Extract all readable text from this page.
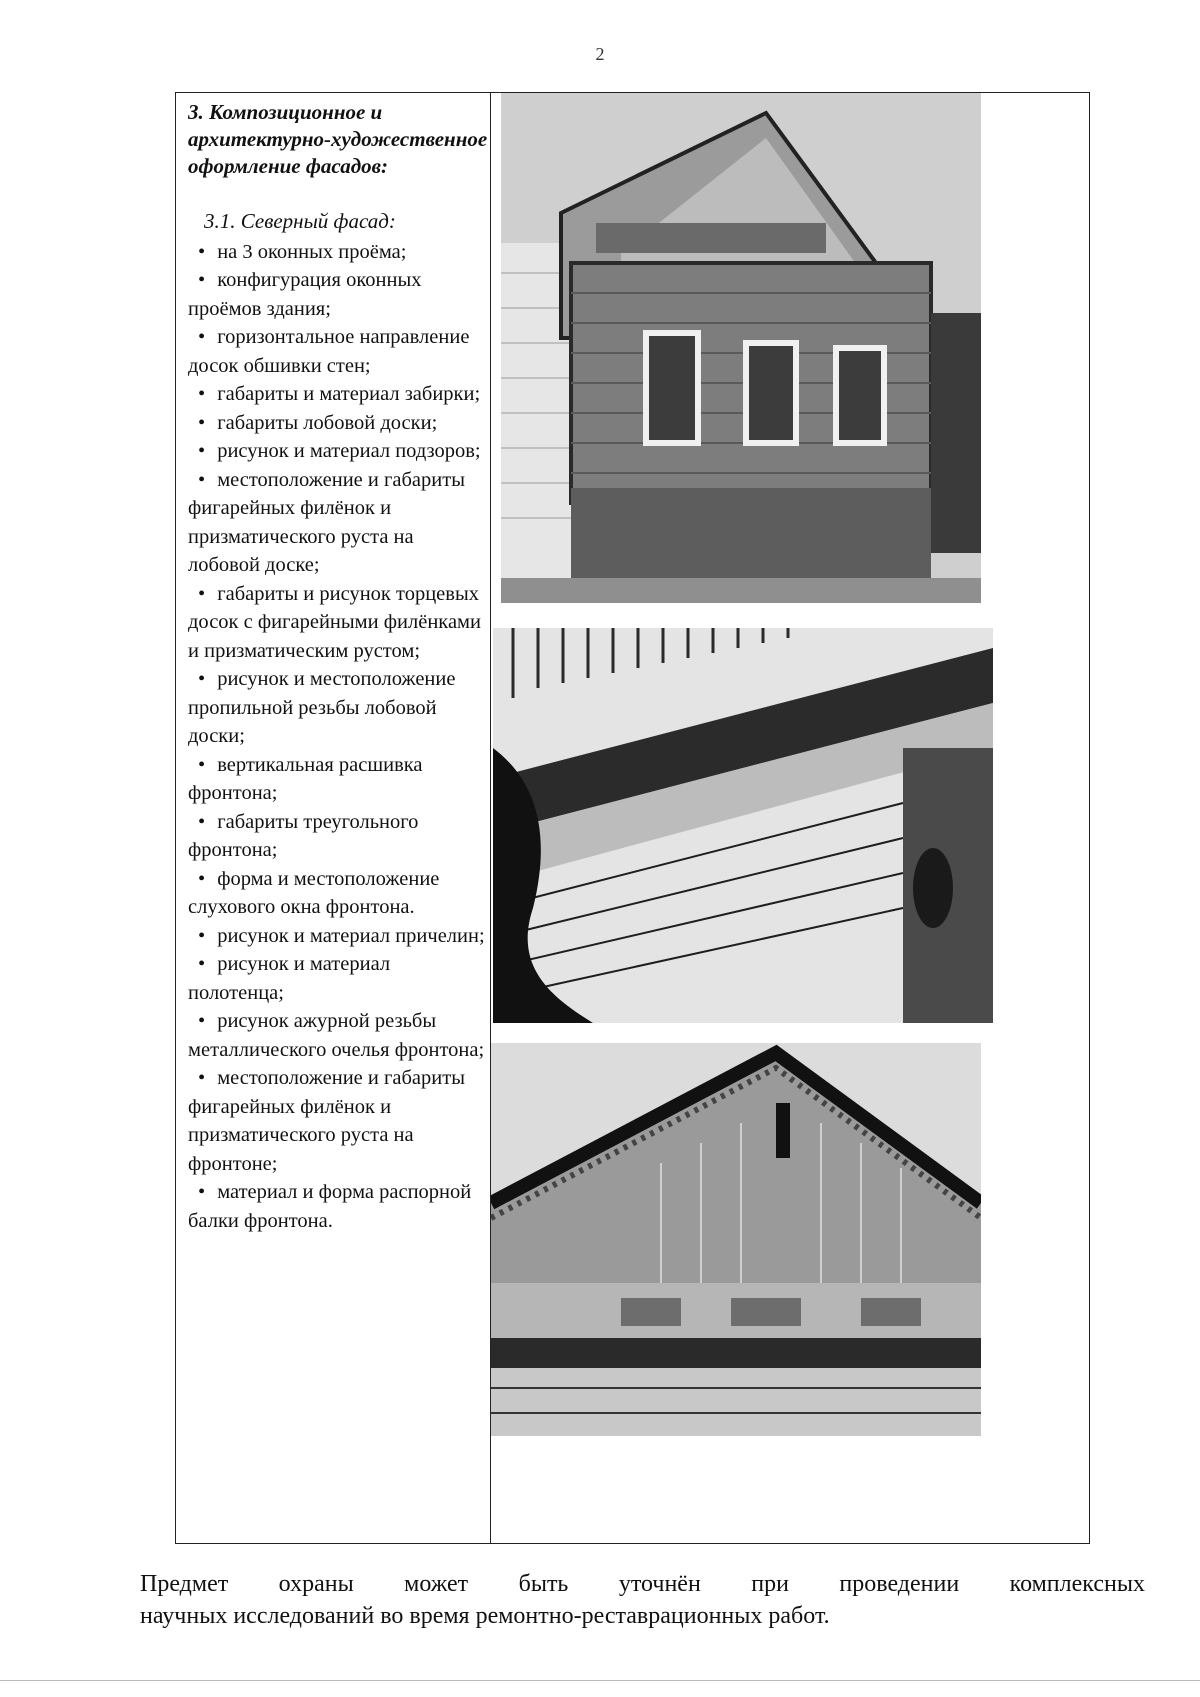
2
3. Композиционное и архитектурно-художественное оформление фасадов:
3.1. Северный фасад:
• на 3 оконных проёма;
• конфигурация оконных проёмов здания;
• горизонтальное направление досок обшивки стен;
• габариты и материал забирки;
• габариты лобовой доски;
• рисунок и материал подзоров;
• местоположение и габариты фигарейных филёнок и призматического руста на лобовой доске;
• габариты и рисунок торцевых досок с фигарейными филёнками и призматическим рустом;
• рисунок и местоположение пропильной резьбы лобовой доски;
• вертикальная расшивка фронтона;
• габариты треугольного фронтона;
• форма и местоположение слухового окна фронтона.
• рисунок и материал причелин;
• рисунок и материал полотенца;
• рисунок ажурной резьбы металлического очелья фронтона;
• местоположение и габариты фигарейных филёнок и призматического руста на фронтоне;
• материал и форма распорной балки фронтона.
Предмет охраны может быть уточнён при проведении комплексных
научных исследований во время ремонтно-реставрационных работ.
